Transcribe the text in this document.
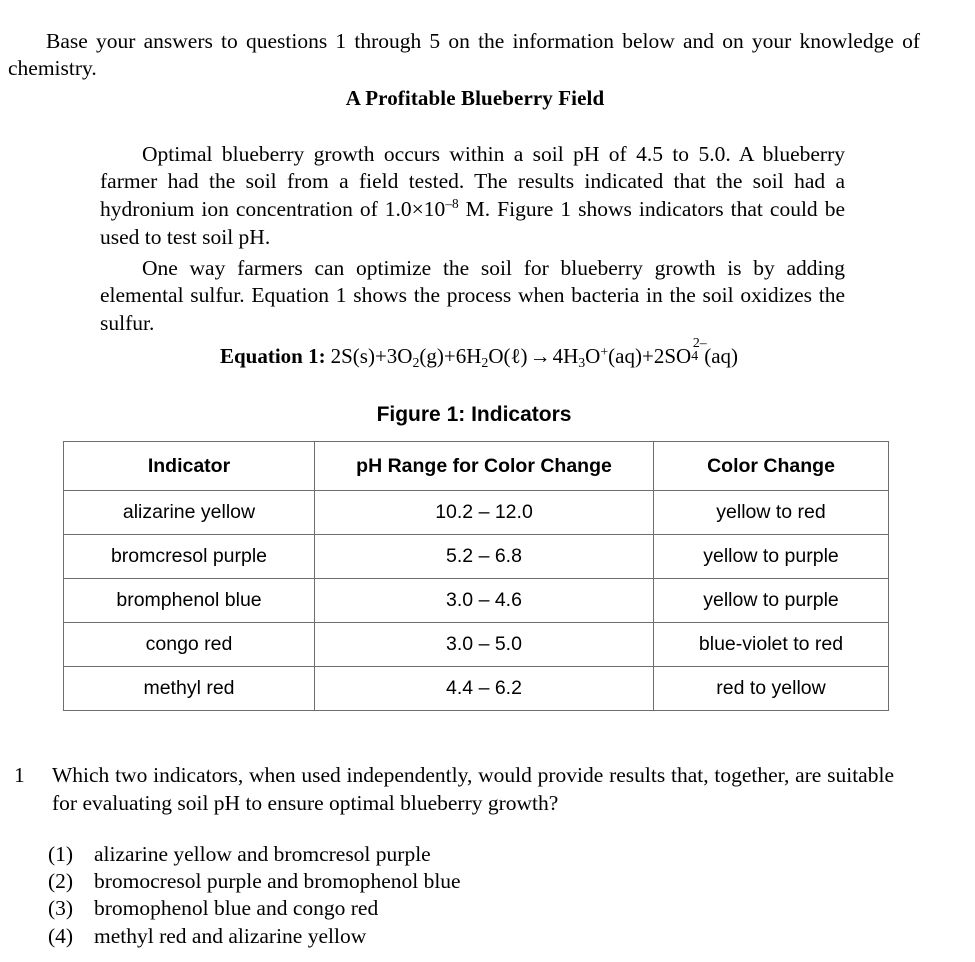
Base your answers to questions 1 through 5 on the information below and on your knowledge of chemistry.

A Profitable Blueberry Field

Optimal blueberry growth occurs within a soil pH of 4.5 to 5.0. A blueberry farmer had the soil from a field tested. The results indicated that the soil had a hydronium ion concentration of $1.0\times 10^{-8}$ M. Figure 1 shows indicators that could be used to test soil pH.

One way farmers can optimize the soil for blueberry growth is by adding elemental sulfur. Equation 1 shows the process when bacteria in the soil oxidizes the sulfur.

Equation 1: $2S(s)+3O_2(g)+6H_2O(\ell)\to 4H_3O^+(aq)+2SO$ 4
2–
(aq)
Figure 1: Indicators
Indicator	pH Range for Color Change	Color Change
alizarine yellow	10.2 – 12.0	yellow to red
bromcresol purple	5.2 – 6.8	yellow to purple
bromphenol blue	3.0 – 4.6	yellow to purple
congo red	3.0 – 5.0	blue-violet to red
methyl red	4.4 – 6.2	red to yellow
1	Which two indicators, when used independently, would provide results that, together, are suitable for evaluating soil pH to ensure optimal blueberry growth?
(1) alizarine yellow and bromcresol purple
(2) bromocresol purple and bromophenol blue
(3) bromophenol blue and congo red
(4) methyl red and alizarine yellow
